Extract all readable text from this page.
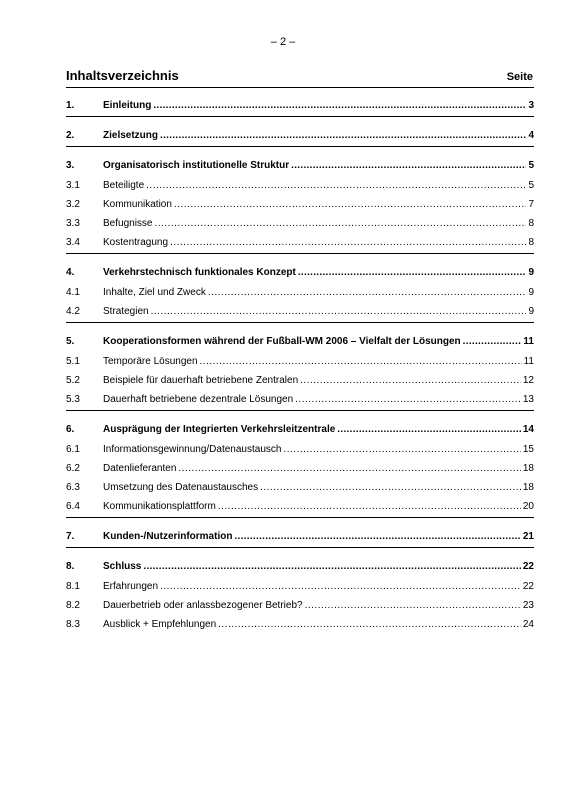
– 2 –
Inhaltsverzeichnis	Seite
1.	Einleitung .....	3
2.	Zielsetzung .....	4
3.	Organisatorisch institutionelle Struktur .....	5
3.1	Beteiligte .....	5
3.2	Kommunikation .....	7
3.3	Befugnisse .....	8
3.4	Kostentragung .....	8
4.	Verkehrstechnisch funktionales Konzept .....	9
4.1	Inhalte, Ziel und Zweck .....	9
4.2	Strategien .....	9
5.	Kooperationsformen während der Fußball-WM 2006 – Vielfalt der Lösungen .....	11
5.1	Temporäre Lösungen .....	11
5.2	Beispiele für dauerhaft betriebene Zentralen .....	12
5.3	Dauerhaft betriebene dezentrale Lösungen .....	13
6.	Ausprägung der Integrierten Verkehrsleitzentrale .....	14
6.1	Informationsgewinnung/Datenaustausch .....	15
6.2	Datenlieferanten .....	18
6.3	Umsetzung des Datenaustausches .....	18
6.4	Kommunikationsplattform .....	20
7.	Kunden-/Nutzerinformation .....	21
8.	Schluss .....	22
8.1	Erfahrungen .....	22
8.2	Dauerbetrieb oder anlassbezogener Betrieb? .....	23
8.3	Ausblick + Empfehlungen .....	24
